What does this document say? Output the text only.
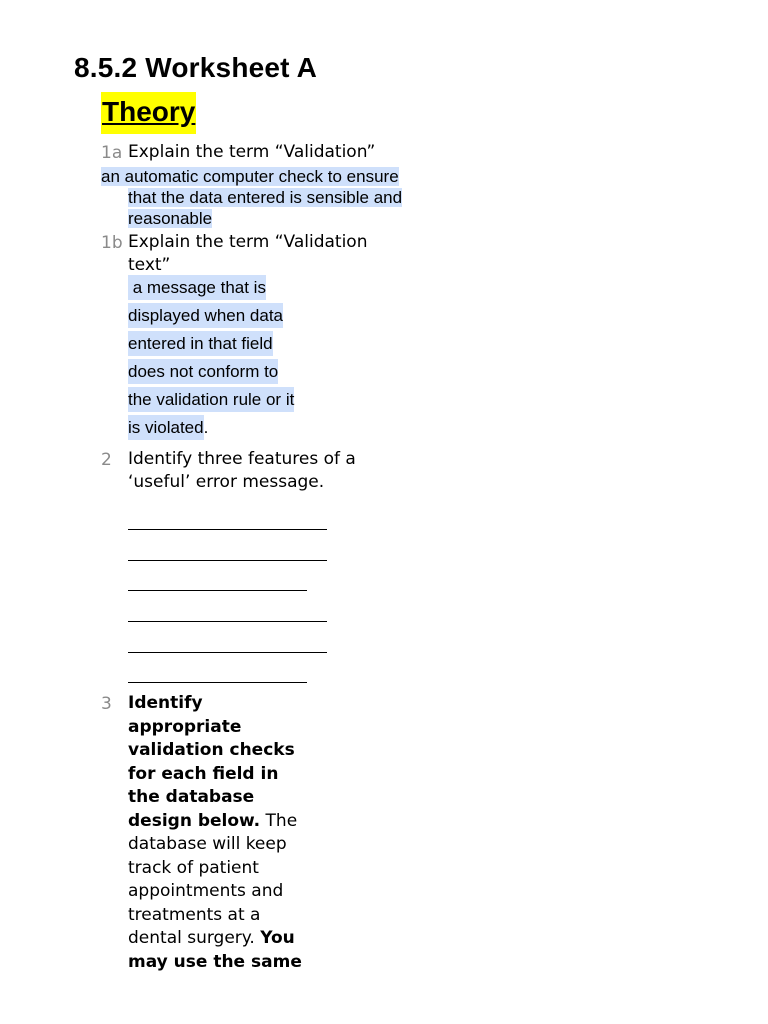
8.5.2 Worksheet A
Theory
1a Explain the term “Validation”
an automatic computer check to ensure that the data entered is sensible and reasonable
1b Explain the term “Validation text”
a message that is
displayed when data
entered in that field
does not conform to
the validation rule or it
is violated.
2 Identify three features of a ‘useful’ error message.
3 Identify appropriate validation checks for each field in the database design below. The database will keep track of patient appointments and treatments at a dental surgery. You may use the same
